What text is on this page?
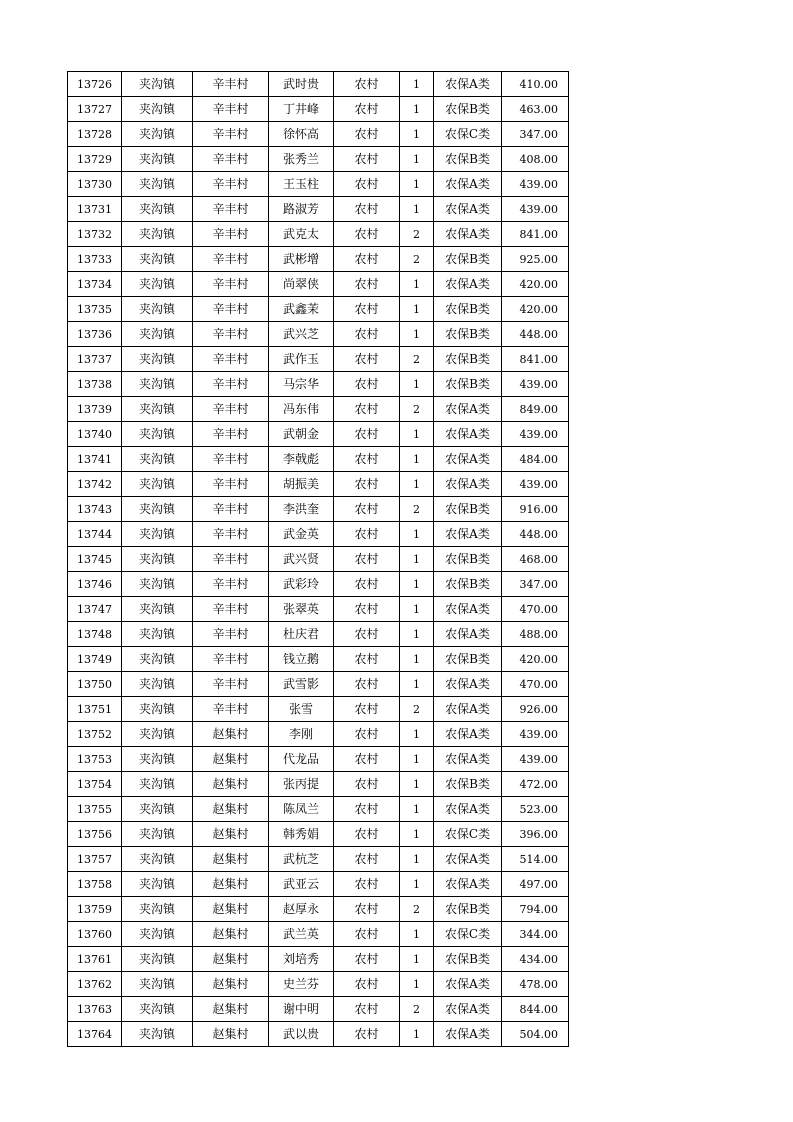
13726	夹沟镇	辛丰村	武时贵	农村	1	农保A类	410.00
13727	夹沟镇	辛丰村	丁井峰	农村	1	农保B类	463.00
13728	夹沟镇	辛丰村	徐怀高	农村	1	农保C类	347.00
13729	夹沟镇	辛丰村	张秀兰	农村	1	农保B类	408.00
13730	夹沟镇	辛丰村	王玉柱	农村	1	农保A类	439.00
13731	夹沟镇	辛丰村	路淑芳	农村	1	农保A类	439.00
13732	夹沟镇	辛丰村	武克太	农村	2	农保A类	841.00
13733	夹沟镇	辛丰村	武彬增	农村	2	农保B类	925.00
13734	夹沟镇	辛丰村	尚翠侠	农村	1	农保A类	420.00
13735	夹沟镇	辛丰村	武鑫茉	农村	1	农保B类	420.00
13736	夹沟镇	辛丰村	武兴芝	农村	1	农保B类	448.00
13737	夹沟镇	辛丰村	武作玉	农村	2	农保B类	841.00
13738	夹沟镇	辛丰村	马宗华	农村	1	农保B类	439.00
13739	夹沟镇	辛丰村	冯东伟	农村	2	农保A类	849.00
13740	夹沟镇	辛丰村	武朝金	农村	1	农保A类	439.00
13741	夹沟镇	辛丰村	李戟彪	农村	1	农保A类	484.00
13742	夹沟镇	辛丰村	胡振美	农村	1	农保A类	439.00
13743	夹沟镇	辛丰村	李洪奎	农村	2	农保B类	916.00
13744	夹沟镇	辛丰村	武金英	农村	1	农保A类	448.00
13745	夹沟镇	辛丰村	武兴贤	农村	1	农保B类	468.00
13746	夹沟镇	辛丰村	武彩玲	农村	1	农保B类	347.00
13747	夹沟镇	辛丰村	张翠英	农村	1	农保A类	470.00
13748	夹沟镇	辛丰村	杜庆君	农村	1	农保A类	488.00
13749	夹沟镇	辛丰村	钱立鹅	农村	1	农保B类	420.00
13750	夹沟镇	辛丰村	武雪影	农村	1	农保A类	470.00
13751	夹沟镇	辛丰村	张雪	农村	2	农保A类	926.00
13752	夹沟镇	赵集村	李刚	农村	1	农保A类	439.00
13753	夹沟镇	赵集村	代龙品	农村	1	农保A类	439.00
13754	夹沟镇	赵集村	张丙提	农村	1	农保B类	472.00
13755	夹沟镇	赵集村	陈凤兰	农村	1	农保A类	523.00
13756	夹沟镇	赵集村	韩秀娟	农村	1	农保C类	396.00
13757	夹沟镇	赵集村	武杭芝	农村	1	农保A类	514.00
13758	夹沟镇	赵集村	武亚云	农村	1	农保A类	497.00
13759	夹沟镇	赵集村	赵厚永	农村	2	农保B类	794.00
13760	夹沟镇	赵集村	武兰英	农村	1	农保C类	344.00
13761	夹沟镇	赵集村	刘培秀	农村	1	农保B类	434.00
13762	夹沟镇	赵集村	史兰芬	农村	1	农保A类	478.00
13763	夹沟镇	赵集村	谢中明	农村	2	农保A类	844.00
13764	夹沟镇	赵集村	武以贵	农村	1	农保A类	504.00
